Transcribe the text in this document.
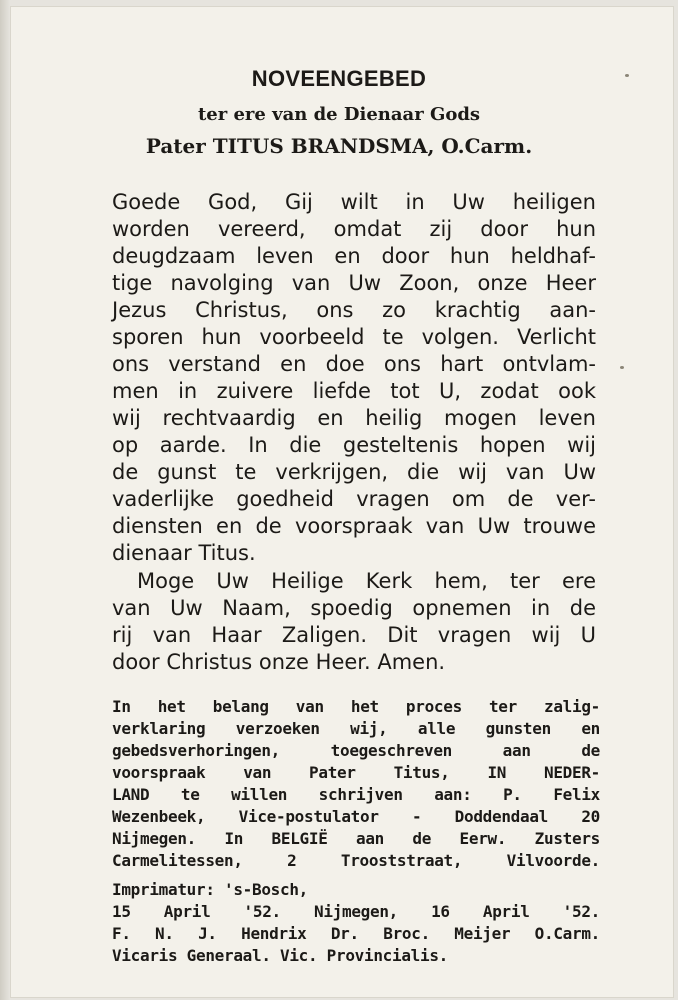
NOVEENGEBED
ter ere van de Dienaar Gods
Pater TITUS BRANDSMA, O.Carm.
Goede God, Gij wilt in Uw heiligen
worden vereerd, omdat zij door hun
deugdzaam leven en door hun heldhaf-
tige navolging van Uw Zoon, onze Heer
Jezus Christus, ons zo krachtig aan-
sporen hun voorbeeld te volgen. Verlicht
ons verstand en doe ons hart ontvlam-
men in zuivere liefde tot U, zodat ook
wij rechtvaardig en heilig mogen leven
op aarde. In die gesteltenis hopen wij
de gunst te verkrijgen, die wij van Uw
vaderlijke goedheid vragen om de ver-
diensten en de voorspraak van Uw trouwe
dienaar Titus.
Moge Uw Heilige Kerk hem, ter ere
van Uw Naam, spoedig opnemen in de
rij van Haar Zaligen. Dit vragen wij U
door Christus onze Heer. Amen.
In het belang van het proces ter zalig-
verklaring verzoeken wij, alle gunsten en
gebedsverhoringen, toegeschreven aan de
voorspraak van Pater Titus, IN NEDER-
LAND te willen schrijven aan: P. Felix
Wezenbeek, Vice-postulator - Doddendaal 20
Nijmegen. In BELGIË aan de Eerw. Zusters
Carmelitessen, 2 Trooststraat, Vilvoorde.
Imprimatur: 's-Bosch,
15 April '52. Nijmegen, 16 April '52.
F. N. J. Hendrix Dr. Broc. Meijer O.Carm.
Vicaris Generaal. Vic. Provincialis.
